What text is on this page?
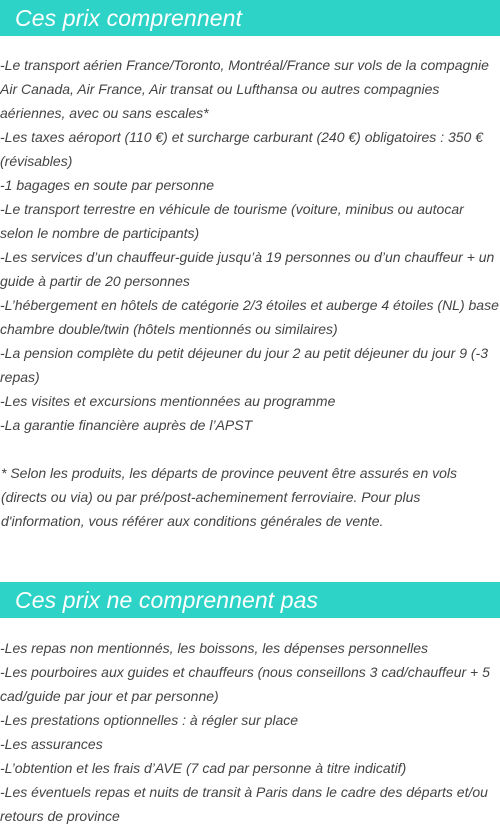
Ces prix comprennent
-Le transport aérien France/Toronto, Montréal/France sur vols de la compagnie Air Canada, Air France, Air transat ou Lufthansa ou autres compagnies aériennes, avec ou sans escales*
-Les taxes aéroport (110 €) et surcharge carburant (240 €) obligatoires : 350 € (révisables)
-1 bagages en soute par personne
-Le transport terrestre en véhicule de tourisme (voiture, minibus ou autocar selon le nombre de participants)
-Les services d’un chauffeur-guide jusqu’à 19 personnes ou d’un chauffeur + un guide à partir de 20 personnes
-L’hébergement en hôtels de catégorie 2/3 étoiles et auberge 4 étoiles (NL) base chambre double/twin (hôtels mentionnés ou similaires)
-La pension complète du petit déjeuner du jour 2 au petit déjeuner du jour 9 (-3 repas)
-Les visites et excursions mentionnées au programme
-La garantie financière auprès de l’APST

* Selon les produits, les départs de province peuvent être assurés en vols (directs ou via) ou par pré/post-acheminement ferroviaire. Pour plus d'information, vous référer aux conditions générales de vente.

Ces prix ne comprennent pas
-Les repas non mentionnés, les boissons, les dépenses personnelles
-Les pourboires aux guides et chauffeurs (nous conseillons 3 cad/chauffeur + 5 cad/guide par jour et par personne)
-Les prestations optionnelles : à régler sur place
-Les assurances
-L’obtention et les frais d’AVE (7 cad par personne à titre indicatif)
-Les éventuels repas et nuits de transit à Paris dans le cadre des départs et/ou retours de province
